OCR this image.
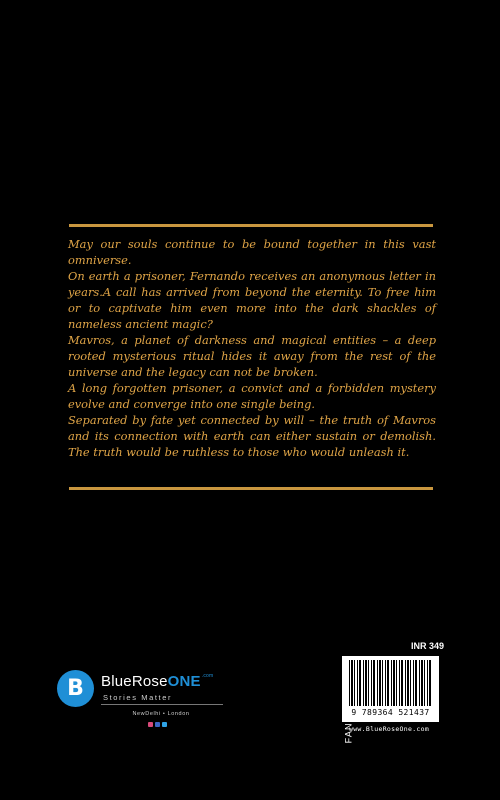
May our souls continue to be bound together in this vast omniverse.

On earth a prisoner, Fernando receives an anonymous letter in years.A call has arrived from beyond the eternity. To free him or to captivate him even more into the dark shackles of nameless ancient magic?

Mavros, a planet of darkness and magical entities – a deep rooted mysterious ritual hides it away from the rest of the universe and the legacy can not be broken.

A long forgotten prisoner, a convict and a forbidden mystery evolve and converge into one single being.

Separated by fate yet connected by will – the truth of Mavros and its connection with earth can either sustain or demolish. The truth would be ruthless to those who would unleash it.

B BlueRoseONE.com
Stories Matter
NewDelhi • London
INR 349
9 789364 521437
www.BlueRoseOne.com
